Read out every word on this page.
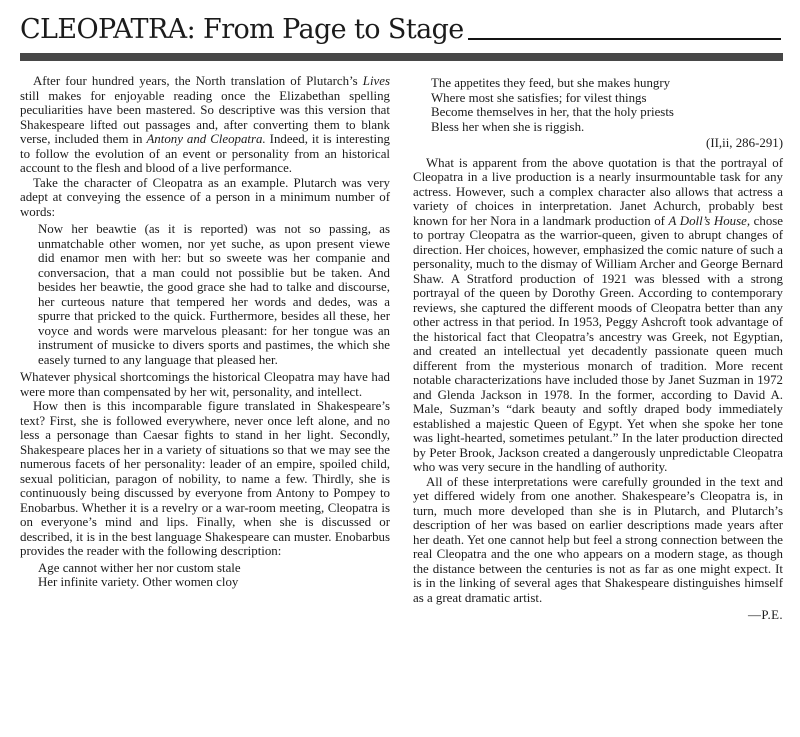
CLEOPATRA: From Page to Stage

After four hundred years, the North translation of Plutarch’s Lives still makes for enjoyable reading once the Elizabethan spelling peculiarities have been mastered. So descriptive was this version that Shakespeare lifted out passages and, after converting them to blank verse, included them in Antony and Cleopatra. Indeed, it is interesting to follow the evolution of an event or personality from an historical account to the flesh and blood of a live performance.

Take the character of Cleopatra as an example. Plutarch was very adept at conveying the essence of a person in a minimum number of words:

Now her beawtie (as it is reported) was not so passing, as unmatchable other women, nor yet suche, as upon present viewe did enamor men with her: but so sweete was her companie and conversacion, that a man could not possiblie but be taken. And besides her beawtie, the good grace she had to talke and discourse, her curteous nature that tempered her words and dedes, was a spurre that pricked to the quick. Furthermore, besides all these, her voyce and words were marvelous pleasant: for her tongue was an instrument of musicke to divers sports and pastimes, the which she easely turned to any language that pleased her.

Whatever physical shortcomings the historical Cleopatra may have had were more than compensated by her wit, personality, and intellect.

How then is this incomparable figure translated in Shakespeare’s text? First, she is followed everywhere, never once left alone, and no less a personage than Caesar fights to stand in her light. Secondly, Shakespeare places her in a variety of situations so that we may see the numerous facets of her personality: leader of an empire, spoiled child, sexual politician, paragon of nobility, to name a few. Thirdly, she is continuously being discussed by everyone from Antony to Pompey to Enobarbus. Whether it is a revelry or a war-room meeting, Cleopatra is on everyone’s mind and lips. Finally, when she is discussed or described, it is in the best language Shakespeare can muster. Enobarbus provides the reader with the following description:

Age cannot wither her nor custom stale
Her infinite variety. Other women cloy
The appetites they feed, but she makes hungry
Where most she satisfies; for vilest things
Become themselves in her, that the holy priests
Bless her when she is riggish.
(II,ii, 286-291)

What is apparent from the above quotation is that the portrayal of Cleopatra in a live production is a nearly insurmountable task for any actress. However, such a complex character also allows that actress a variety of choices in interpretation. Janet Achurch, probably best known for her Nora in a landmark production of A Doll’s House, chose to portray Cleopatra as the warrior-queen, given to abrupt changes of direction. Her choices, however, emphasized the comic nature of such a personality, much to the dismay of William Archer and George Bernard Shaw. A Stratford production of 1921 was blessed with a strong portrayal of the queen by Dorothy Green. According to contemporary reviews, she captured the different moods of Cleopatra better than any other actress in that period. In 1953, Peggy Ashcroft took advantage of the historical fact that Cleopatra’s ancestry was Greek, not Egyptian, and created an intellectual yet decadently passionate queen much different from the mysterious monarch of tradition. More recent notable characterizations have included those by Janet Suzman in 1972 and Glenda Jackson in 1978. In the former, according to David A. Male, Suzman’s “dark beauty and softly draped body immediately established a majestic Queen of Egypt. Yet when she spoke her tone was light-hearted, sometimes petulant.” In the later production directed by Peter Brook, Jackson created a dangerously unpredictable Cleopatra who was very secure in the handling of authority.

All of these interpretations were carefully grounded in the text and yet differed widely from one another. Shakespeare’s Cleopatra is, in turn, much more developed than she is in Plutarch, and Plutarch’s description of her was based on earlier descriptions made years after her death. Yet one cannot help but feel a strong connection between the real Cleopatra and the one who appears on a modern stage, as though the distance between the centuries is not as far as one might expect. It is in the linking of several ages that Shakespeare distinguishes himself as a great dramatic artist.

—P.E.
